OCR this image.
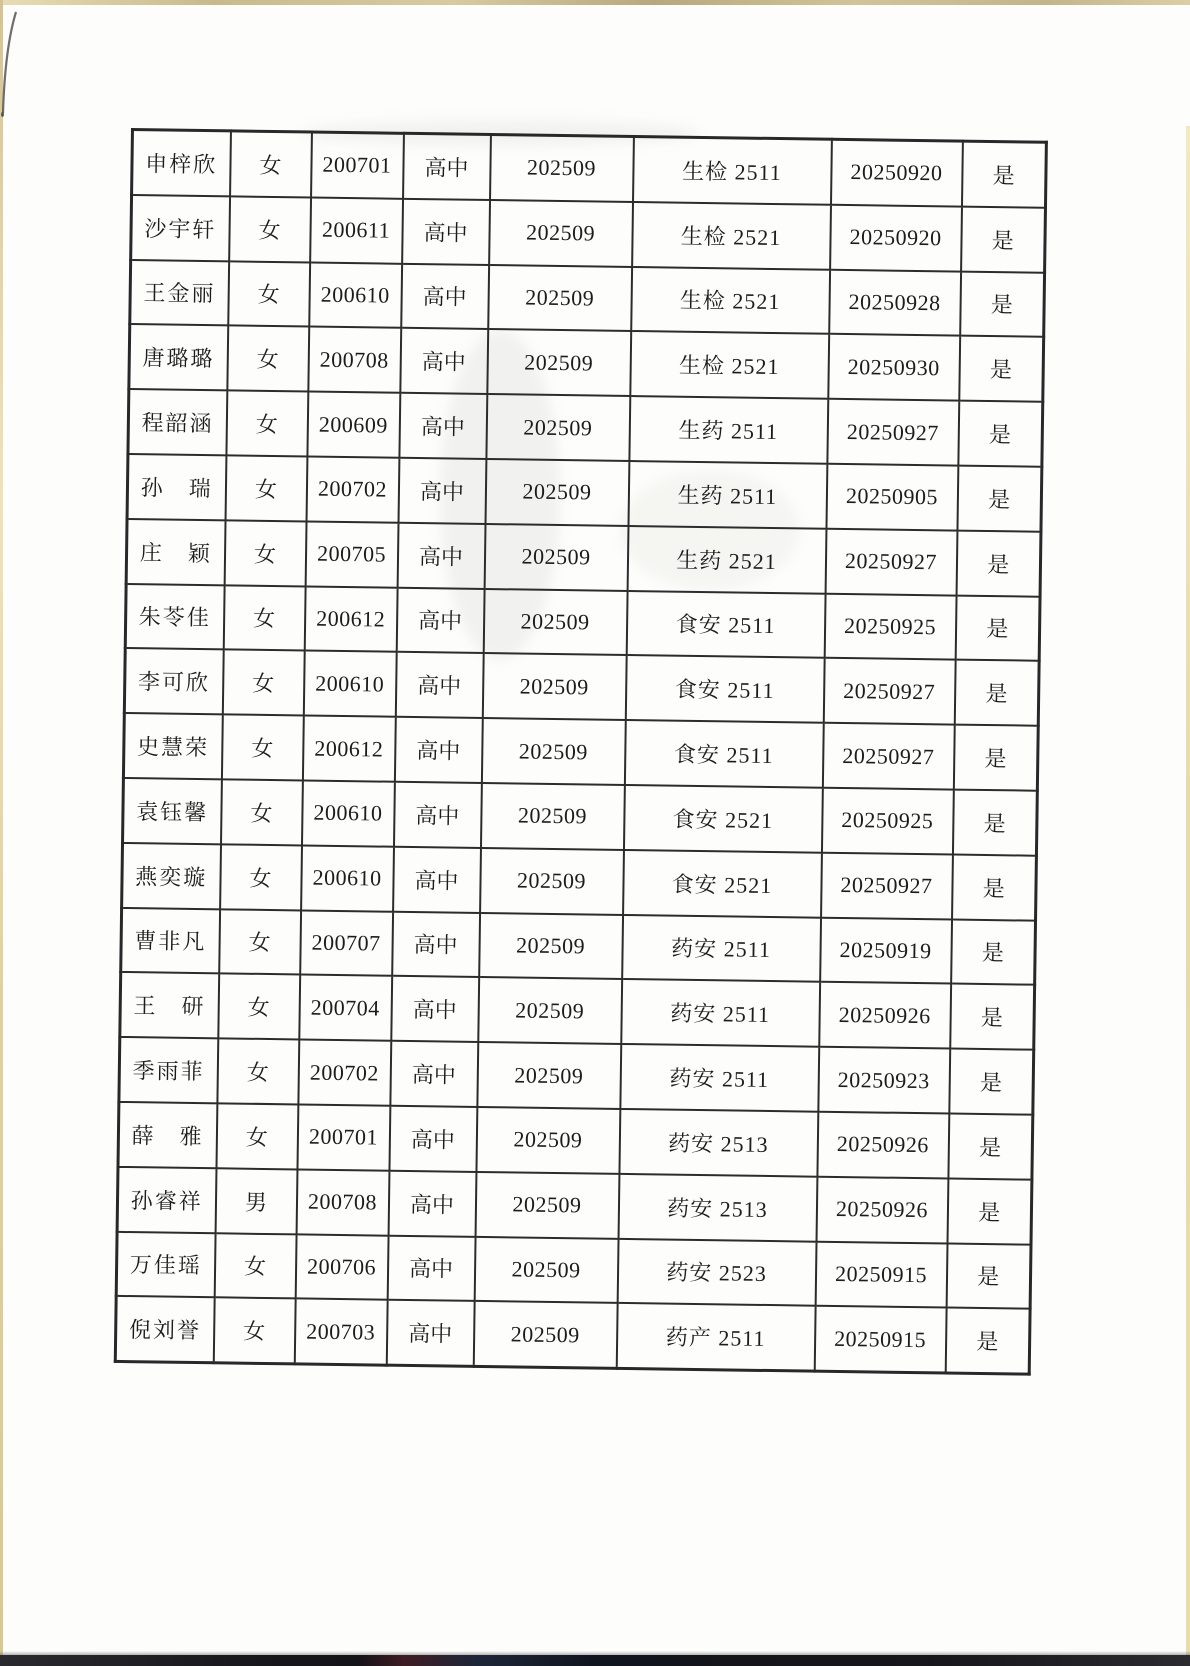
申梓欣	女	200701	高中	202509	生检 2511	20250920	是
沙宇轩	女	200611	高中	202509	生检 2521	20250920	是
王金丽	女	200610	高中	202509	生检 2521	20250928	是
唐璐璐	女	200708	高中	202509	生检 2521	20250930	是
程韶涵	女	200609	高中	202509	生药 2511	20250927	是
孙　瑞	女	200702	高中	202509	生药 2511	20250905	是
庄　颖	女	200705	高中	202509	生药 2521	20250927	是
朱苓佳	女	200612	高中	202509	食安 2511	20250925	是
李可欣	女	200610	高中	202509	食安 2511	20250927	是
史慧荣	女	200612	高中	202509	食安 2511	20250927	是
袁钰馨	女	200610	高中	202509	食安 2521	20250925	是
燕奕璇	女	200610	高中	202509	食安 2521	20250927	是
曹非凡	女	200707	高中	202509	药安 2511	20250919	是
王　研	女	200704	高中	202509	药安 2511	20250926	是
季雨菲	女	200702	高中	202509	药安 2511	20250923	是
薛　雅	女	200701	高中	202509	药安 2513	20250926	是
孙睿祥	男	200708	高中	202509	药安 2513	20250926	是
万佳瑶	女	200706	高中	202509	药安 2523	20250915	是
倪刘誉	女	200703	高中	202509	药产 2511	20250915	是
